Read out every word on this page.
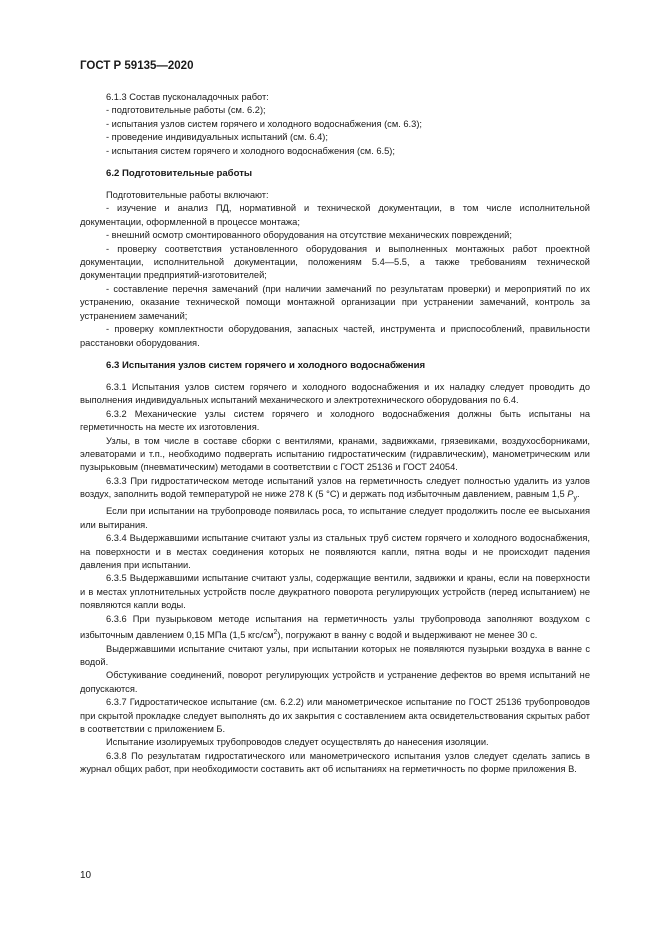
ГОСТ Р 59135—2020

6.1.3 Состав пусконаладочных работ:

- подготовительные работы (см. 6.2);

- испытания узлов систем горячего и холодного водоснабжения (см. 6.3);

- проведение индивидуальных испытаний (см. 6.4);

- испытания систем горячего и холодного водоснабжения (см. 6.5);

6.2 Подготовительные работы

Подготовительные работы включают:

- изучение и анализ ПД, нормативной и технической документации, в том числе исполнительной документации, оформленной в процессе монтажа;

- внешний осмотр смонтированного оборудования на отсутствие механических повреждений;

- проверку соответствия установленного оборудования и выполненных монтажных работ проектной документации, исполнительной документации, положениям 5.4—5.5, а также требованиям технической документации предприятий-изготовителей;

- составление перечня замечаний (при наличии замечаний по результатам проверки) и мероприятий по их устранению, оказание технической помощи монтажной организации при устранении замечаний, контроль за устранением замечаний;

- проверку комплектности оборудования, запасных частей, инструмента и приспособлений, правильности расстановки оборудования.

6.3 Испытания узлов систем горячего и холодного водоснабжения

6.3.1 Испытания узлов систем горячего и холодного водоснабжения и их наладку следует проводить до выполнения индивидуальных испытаний механического и электротехнического оборудования по 6.4.

6.3.2 Механические узлы систем горячего и холодного водоснабжения должны быть испытаны на герметичность на месте их изготовления.

Узлы, в том числе в составе сборки с вентилями, кранами, задвижками, грязевиками, воздухосборниками, элеваторами и т.п., необходимо подвергать испытанию гидростатическим (гидравлическим), манометрическим или пузырьковым (пневматическим) методами в соответствии с ГОСТ 25136 и ГОСТ 24054.

6.3.3 При гидростатическом методе испытаний узлов на герметичность следует полностью удалить из узлов воздух, заполнить водой температурой не ниже 278 К (5 °С) и держать под избыточным давлением, равным 1,5 $P_у$.

Если при испытании на трубопроводе появилась роса, то испытание следует продолжить после ее высыхания или вытирания.

6.3.4 Выдержавшими испытание считают узлы из стальных труб систем горячего и холодного водоснабжения, на поверхности и в местах соединения которых не появляются капли, пятна воды и не происходит падения давления при испытании.

6.3.5 Выдержавшими испытание считают узлы, содержащие вентили, задвижки и краны, если на поверхности и в местах уплотнительных устройств после двукратного поворота регулирующих устройств (перед испытанием) не появляются капли воды.

6.3.6 При пузырьковом методе испытания на герметичность узлы трубопровода заполняют воздухом с избыточным давлением 0,15 МПа (1,5 кгс/$см^2$), погружают в ванну с водой и выдерживают не менее 30 с.

Выдержавшими испытание считают узлы, при испытании которых не появляются пузырьки воздуха в ванне с водой.

Обстукивание соединений, поворот регулирующих устройств и устранение дефектов во время испытаний не допускаются.

6.3.7 Гидростатическое испытание (см. 6.2.2) или манометрическое испытание по ГОСТ 25136 трубопроводов при скрытой прокладке следует выполнять до их закрытия с составлением акта освидетельствования скрытых работ в соответствии с приложением Б.

Испытание изолируемых трубопроводов следует осуществлять до нанесения изоляции.

6.3.8 По результатам гидростатического или манометрического испытания узлов следует сделать запись в журнал общих работ, при необходимости составить акт об испытаниях на герметичность по форме приложения В.

10
